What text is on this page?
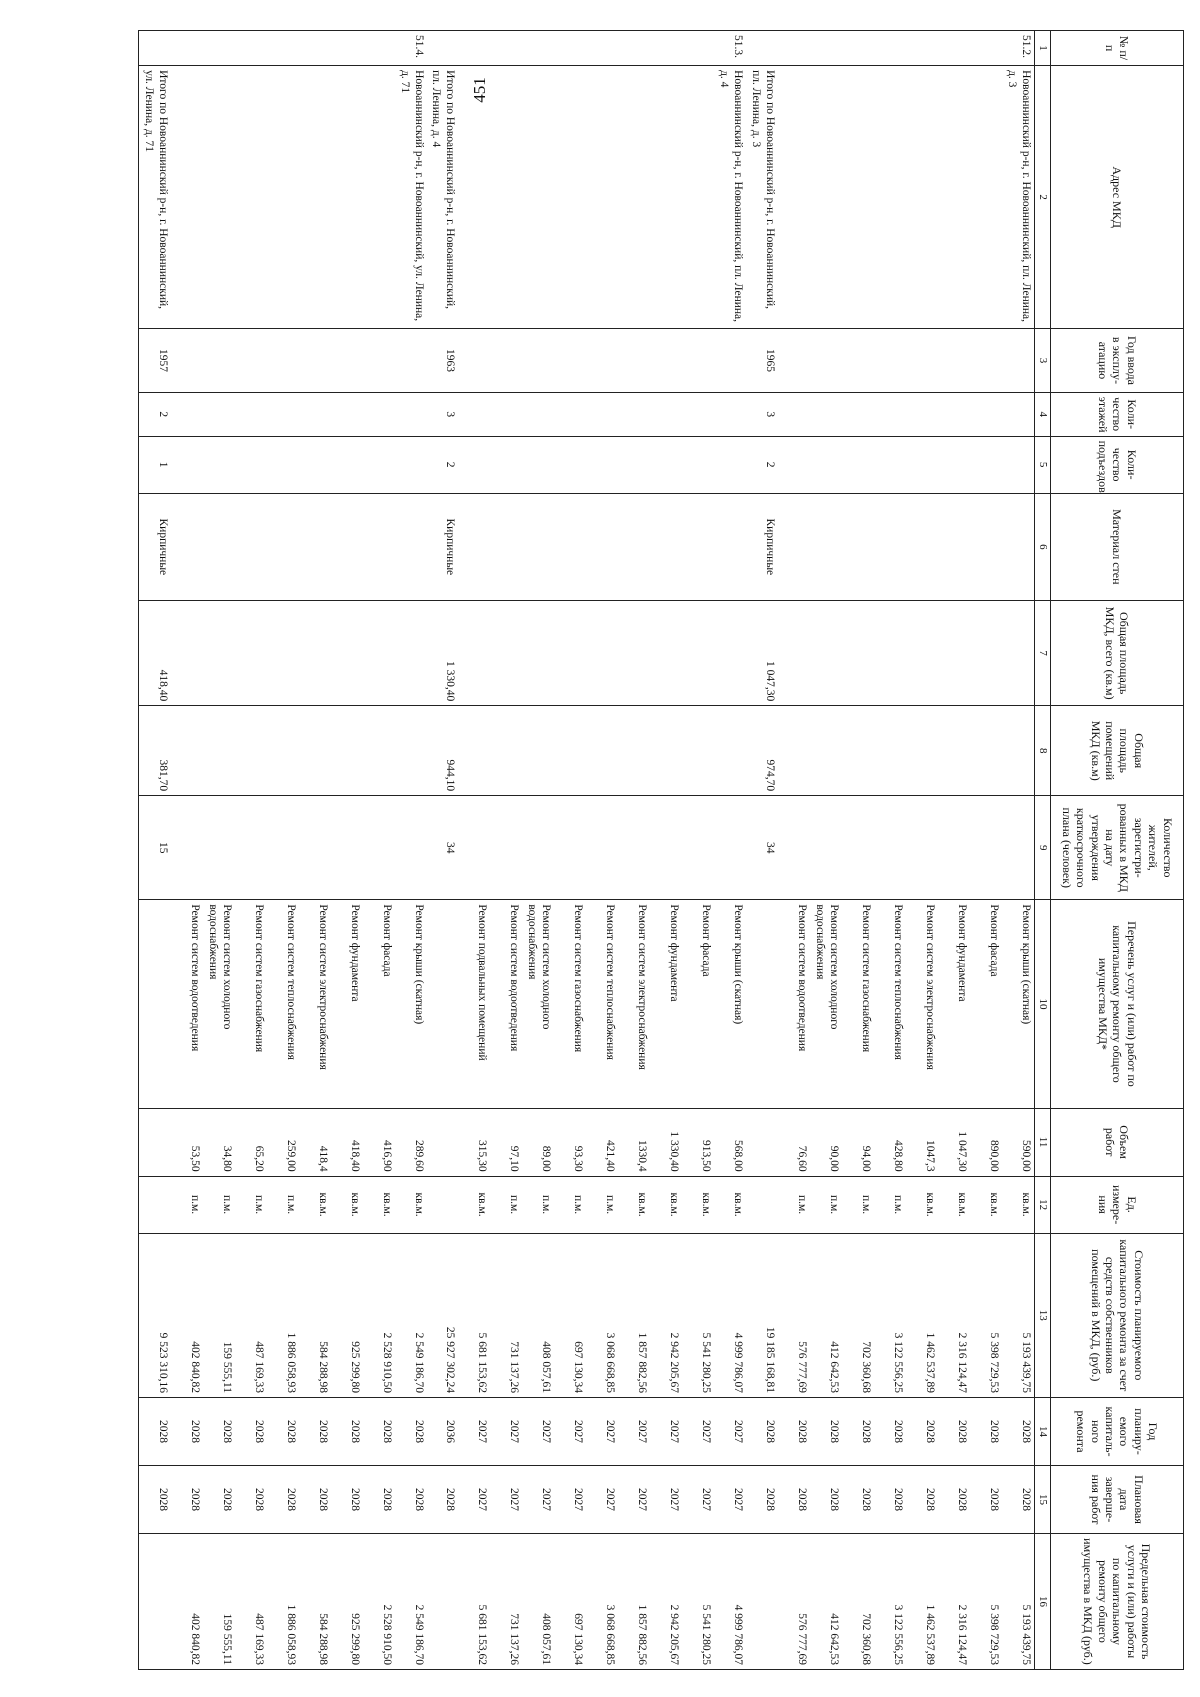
451
№ п/п	Адрес МКД	Год ввода в эксплу-атацию	Коли-чество этажей	Коли-чество подъездов	Материал стен	Общая площадь МКД, всего (кв.м)	Общая площадь помещений МКД (кв.м)	Количество жителей, зарегистри-рованных в МКД на дату утверждения краткосрочного плана (человек)	Перечень услуг и (или) работ по капитальному ремонту общего имущества МКД*	Объем работ	Ед. измере-ния	Стоимость планируемого капитального ремонта за счет средств собственников помещений в МКД, (руб.)	Год планиру-емого капиталь-ного ремонта	Плановая дата заверше-ния работ	Предельная стоимость услуги и (или) работы по капитальному ремонту общего имущества в МКД (руб.)
1	2	3	4	5	6	7	8	9	10	11	12	13	14	15	16
51.2.	Новоаннинский р-н, г. Новоаннинский, пл. Ленина, д. 3								Ремонт крыши (скатная)	590,00	кв.м.	5 193 439,75	2028	2028	5 193 439,75
									Ремонт фасада	890,00	кв.м.	5 398 729,53	2028	2028	5 398 729,53
									Ремонт фундамента	1 047,30	кв.м.	2 316 124,47	2028	2028	2 316 124,47
									Ремонт систем электроснабжения	1047,3	кв.м.	1 462 537,89	2028	2028	1 462 537,89
									Ремонт систем теплоснабжения	428,80	п.м.	3 122 556,25	2028	2028	3 122 556,25
									Ремонт систем газоснабжения	94,00	п.м.	702 360,68	2028	2028	702 360,68
									Ремонт систем холодного водоснабжения	90,00	п.м.	412 642,53	2028	2028	412 642,53
									Ремонт систем водоотведения	76,60	п.м.	576 777,69	2028	2028	576 777,69
	Итого по Новоаннинский р-н, г. Новоаннинский, пл. Ленина, д. 3	1965	3	2	Кирпичные	1 047,30	974,70	34				19 185 168,81	2028	2028	
51.3.	Новоаннинский р-н, г. Новоаннинский, пл. Ленина, д. 4								Ремонт крыши (скатная)	568,00	кв.м.	4 999 786,07	2027	2027	4 999 786,07
									Ремонт фасада	913,50	кв.м.	5 541 280,25	2027	2027	5 541 280,25
									Ремонт фундамента	1 330,40	кв.м.	2 942 205,67	2027	2027	2 942 205,67
									Ремонт систем электроснабжения	1330,4	кв.м.	1 857 882,56	2027	2027	1 857 882,56
									Ремонт систем теплоснабжения	421,40	п.м.	3 068 668,85	2027	2027	3 068 668,85
									Ремонт систем газоснабжения	93,30	п.м.	697 130,34	2027	2027	697 130,34
									Ремонт систем холодного водоснабжения	89,00	п.м.	408 057,61	2027	2027	408 057,61
									Ремонт систем водоотведения	97,10	п.м.	731 137,26	2027	2027	731 137,26
									Ремонт подвальных помещений	315,30	кв.м.	5 681 153,62	2027	2027	5 681 153,62
	Итого по Новоаннинский р-н, г. Новоаннинский, пл. Ленина, д. 4	1963	3	2	Кирпичные	1 330,40	944,10	34				25 927 302,24	2036	2028	
51.4.	Новоаннинский р-н, г. Новоаннинский, ул. Ленина, д. 71								Ремонт крыши (скатная)	289,60	кв.м.	2 549 186,70	2028	2028	2 549 186,70
									Ремонт фасада	416,90	кв.м.	2 528 910,50	2028	2028	2 528 910,50
									Ремонт фундамента	418,40	кв.м.	925 299,80	2028	2028	925 299,80
									Ремонт систем электроснабжения	418,4	кв.м.	584 288,98	2028	2028	584 288,98
									Ремонт систем теплоснабжения	259,00	п.м.	1 886 058,93	2028	2028	1 886 058,93
									Ремонт систем газоснабжения	65,20	п.м.	487 169,33	2028	2028	487 169,33
									Ремонт систем холодного водоснабжения	34,80	п.м.	159 555,11	2028	2028	159 555,11
									Ремонт систем водоотведения	53,50	п.м.	402 840,82	2028	2028	402 840,82
	Итого по Новоаннинский р-н, г. Новоаннинский, ул. Ленина, д. 71	1957	2	1	Кирпичные	418,40	381,70	15				9 523 310,16	2028	2028	
